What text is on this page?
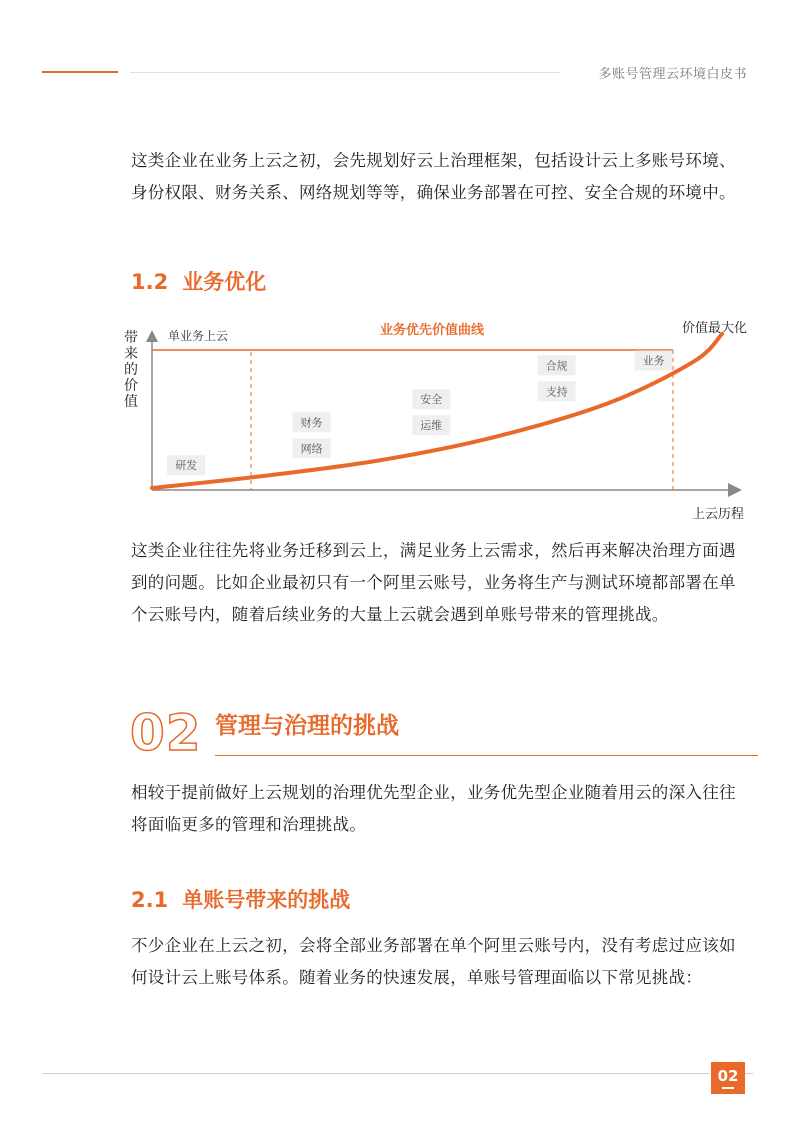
多账号管理云环境白皮书

这类企业在业务上云之初，会先规划好云上治理框架，包括设计云上多账号环境、身份权限、财务关系、网络规划等等，确保业务部署在可控、安全合规的环境中。

1.2 业务优化
业务优先价值曲线
单业务上云	价值最大化
上云历程
带
来
的
价
值
研发
财务
网络
安全
运维
合规
支持
业务

这类企业往往先将业务迁移到云上，满足业务上云需求，然后再来解决治理方面遇到的问题。比如企业最初只有一个阿里云账号，业务将生产与测试环境都部署在单个云账号内，随着后续业务的大量上云就会遇到单账号带来的管理挑战。

02 管理与治理的挑战

相较于提前做好上云规划的治理优先型企业，业务优先型企业随着用云的深入往往将面临更多的管理和治理挑战。

2.1 单账号带来的挑战

不少企业在上云之初，会将全部业务部署在单个阿里云账号内，没有考虑过应该如何设计云上账号体系。随着业务的快速发展，单账号管理面临以下常见挑战：

02
